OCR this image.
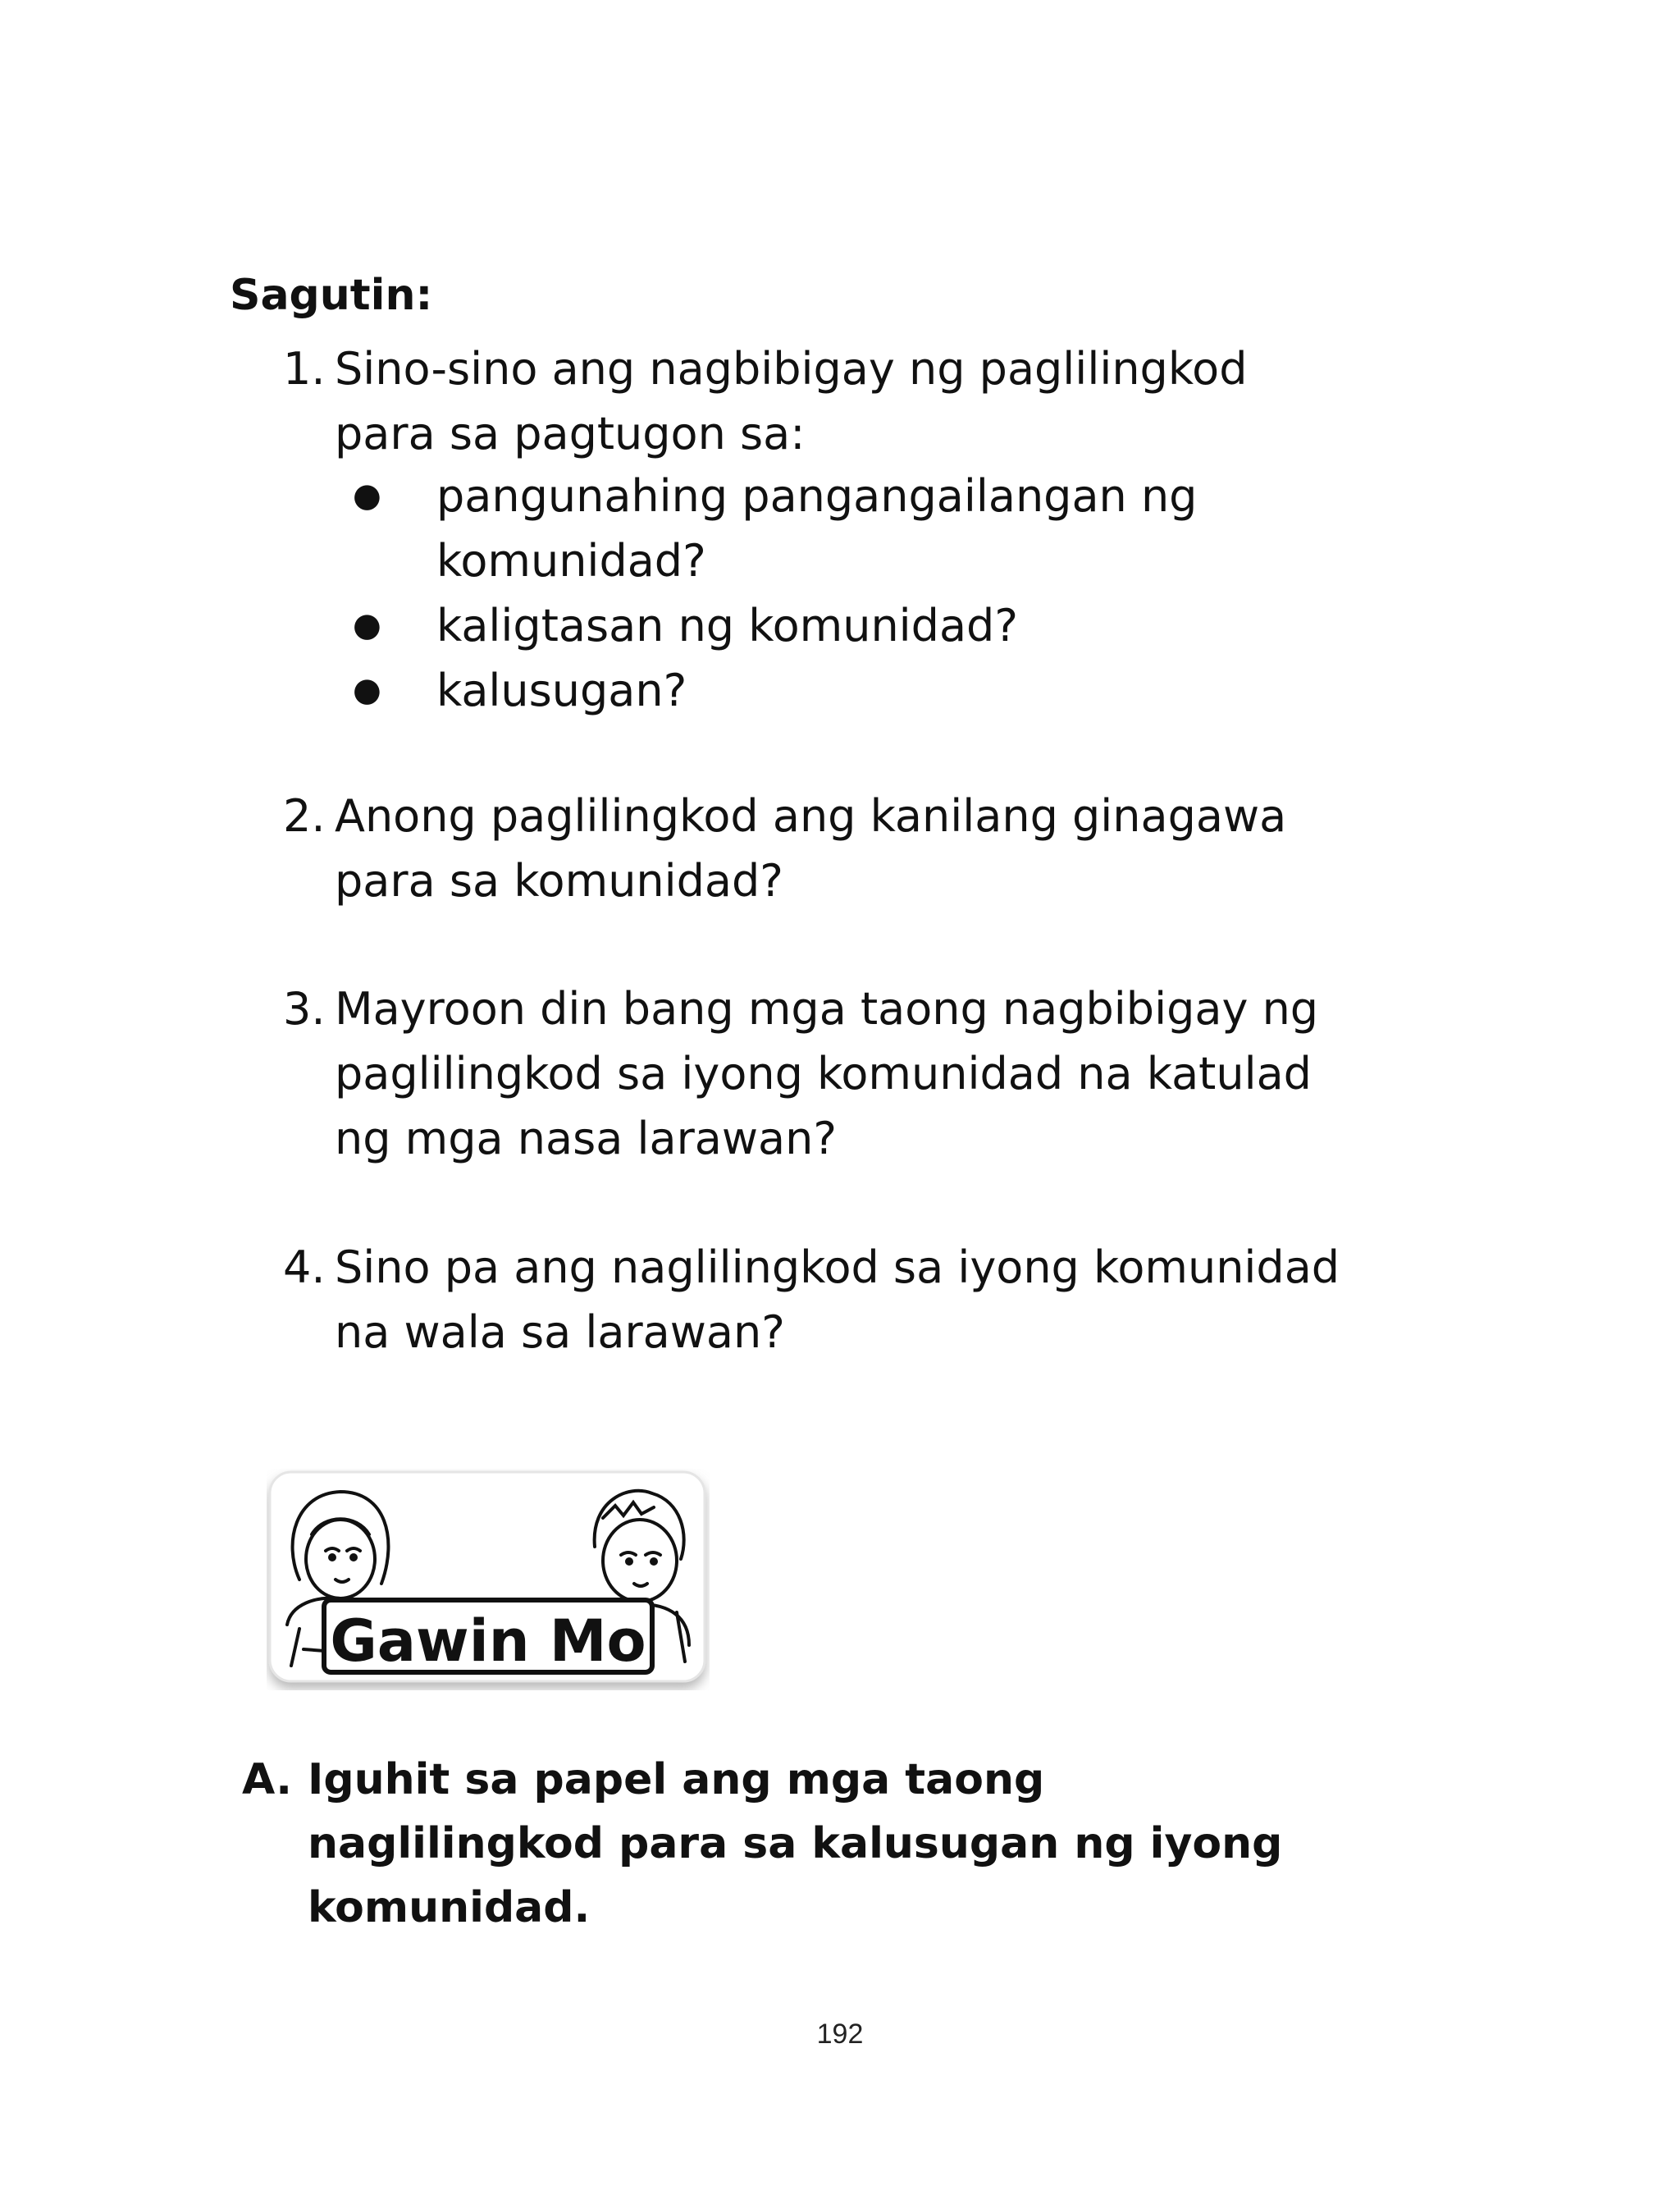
Sagutin:
1. Sino-sino ang nagbibigay ng paglilingkod para sa pagtugon sa:
● pangunahing pangangailangan ng komunidad?
● kaligtasan ng komunidad?
● kalusugan?
2. Anong paglilingkod ang kanilang ginagawa para sa komunidad?
3. Mayroon din bang mga taong nagbibigay ng paglilingkod sa iyong komunidad na katulad ng mga nasa larawan?
4. Sino pa ang naglilingkod sa iyong komunidad na wala sa larawan?
Gawin Mo
A. Iguhit sa papel ang mga taong naglilingkod para sa kalusugan ng iyong komunidad.
192
